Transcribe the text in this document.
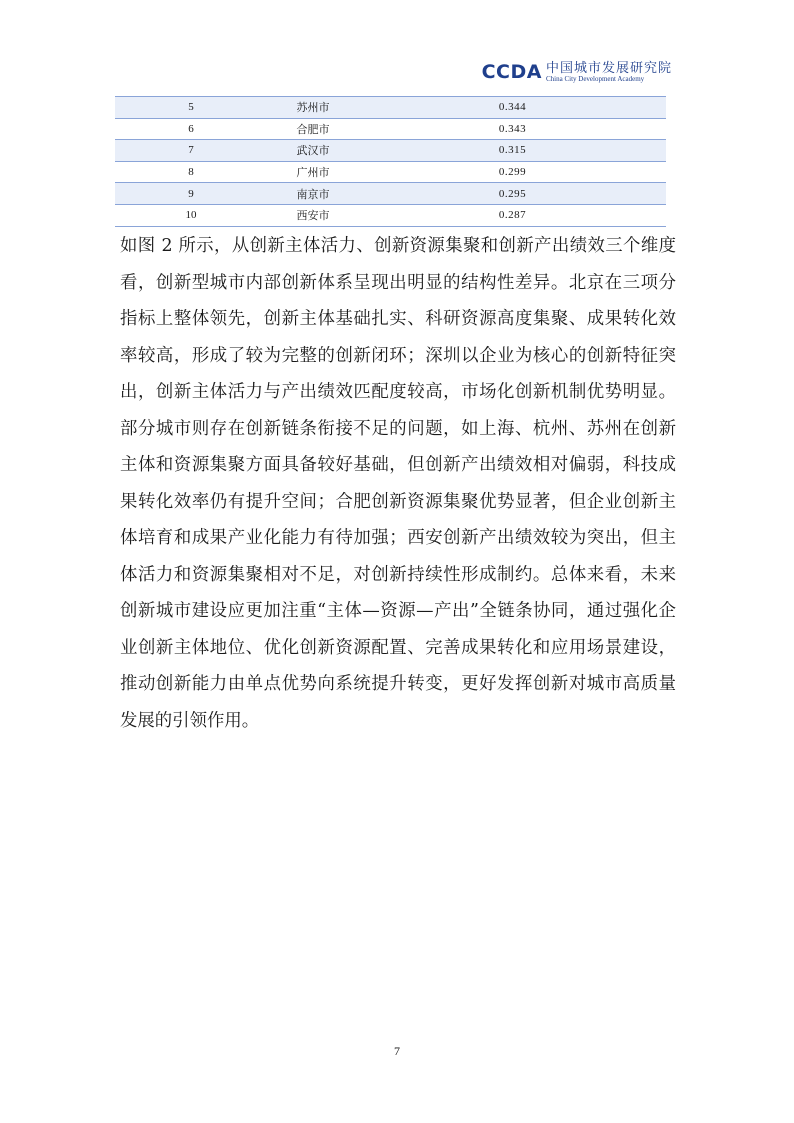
CCDA 中国城市发展研究院
China City Development Academy
5	苏州市	0.344
6	合肥市	0.343
7	武汉市	0.315
8	广州市	0.299
9	南京市	0.295
10	西安市	0.287

如图 2 所示，从创新主体活力、创新资源集聚和创新产出绩效三个维度看，创新型城市内部创新体系呈现出明显的结构性差异。北京在三项分指标上整体领先，创新主体基础扎实、科研资源高度集聚、成果转化效率较高，形成了较为完整的创新闭环；深圳以企业为核心的创新特征突出，创新主体活力与产出绩效匹配度较高，市场化创新机制优势明显。部分城市则存在创新链条衔接不足的问题，如上海、杭州、苏州在创新主体和资源集聚方面具备较好基础，但创新产出绩效相对偏弱，科技成果转化效率仍有提升空间；合肥创新资源集聚优势显著，但企业创新主体培育和成果产业化能力有待加强；西安创新产出绩效较为突出，但主体活力和资源集聚相对不足，对创新持续性形成制约。总体来看，未来创新城市建设应更加注重“主体—资源—产出”全链条协同，通过强化企业创新主体地位、优化创新资源配置、完善成果转化和应用场景建设，推动创新能力由单点优势向系统提升转变，更好发挥创新对城市高质量发展的引领作用。

7
